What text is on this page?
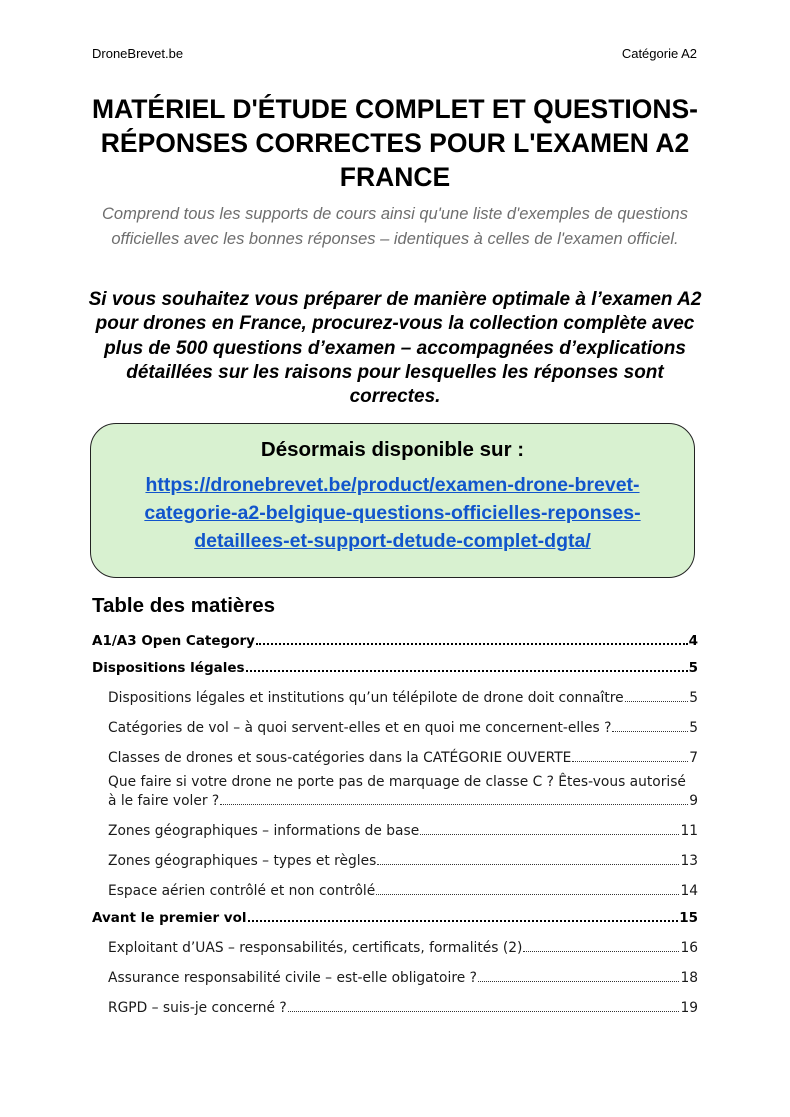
DroneBrevet.be	Catégorie A2
MATÉRIEL D'ÉTUDE COMPLET ET QUESTIONS-RÉPONSES CORRECTES POUR L'EXAMEN A2 FRANCE
Comprend tous les supports de cours ainsi qu'une liste d'exemples de questions officielles avec les bonnes réponses – identiques à celles de l'examen officiel.
Si vous souhaitez vous préparer de manière optimale à l’examen A2 pour drones en France, procurez-vous la collection complète avec plus de 500 questions d’examen – accompagnées d’explications détaillées sur les raisons pour lesquelles les réponses sont correctes.
Désormais disponible sur :
https://dronebrevet.be/product/examen-drone-brevet-categorie-a2-belgique-questions-officielles-reponses-detaillees-et-support-detude-complet-dgta/
Table des matières
A1/A3 Open Category	4
Dispositions légales	5
Dispositions légales et institutions qu’un télépilote de drone doit connaître	5
Catégories de vol – à quoi servent-elles et en quoi me concernent-elles ?	5
Classes de drones et sous-catégories dans la CATÉGORIE OUVERTE	7
Que faire si votre drone ne porte pas de marquage de classe C ? Êtes-vous autorisé
à le faire voler ?	9
Zones géographiques – informations de base	11
Zones géographiques – types et règles	13
Espace aérien contrôlé et non contrôlé	14
Avant le premier vol	15
Exploitant d’UAS – responsabilités, certificats, formalités (2)	16
Assurance responsabilité civile – est-elle obligatoire ?	18
RGPD – suis-je concerné ?	19
